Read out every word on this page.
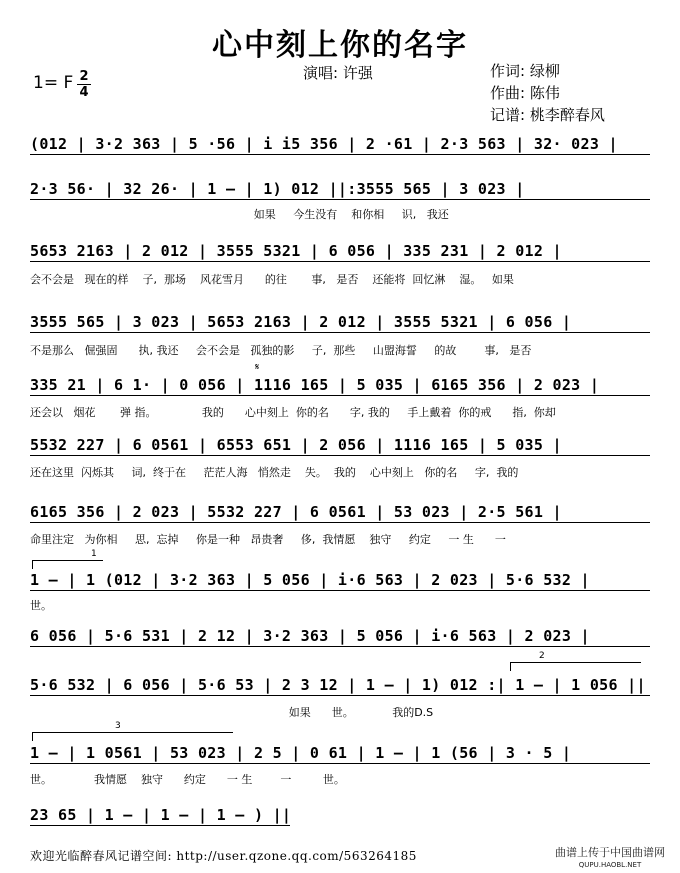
心中刻上你的名字
1= F 2
4
演唱: 许强	作词: 绿柳
作曲: 陈伟
记谱: 桃李醉春风
(012 | 3·2 363 | 5 ·56 | i i5 356 | 2 ·61 | 2·3 563 | 32· 023 |
2·3 56· | 32 26· | 1 – | 1) 012 ||:3555 565 | 3 023 |
如果     今生没有    和你相     识,   我还
5653 2163 | 2 012 | 3555 5321 | 6 056 | 335 231 | 2 012 |
会不会是   现在的样    子,  那场    风花雪月      的往       事,   是否    还能将  回忆淋    湿。   如果
3555 565 | 3 023 | 5653 2163 | 2 012 | 3555 5321 | 6 056 |
不是那么   倔强固      执, 我还     会不会是   孤独的影     子,  那些     山盟海誓     的故        事,   是否
𝄋
335 21 | 6 1· | 0 056 | 1116 165 | 5 035 | 6165 356 | 2 023 |
还会以   烟花       弹 指。             我的      心中刻上  你的名      字, 我的     手上戴着  你的戒      指,  你却
5532 227 | 6 0561 | 6553 651 | 2 056 | 1116 165 | 5 035 |
还在这里  闪烁其     词,  终于在     茫茫人海   悄然走    失。  我的    心中刻上   你的名     字,  我的
6165 356 | 2 023 | 5532 227 | 6 0561 | 53 023 | 2·5 561 |
命里注定   为你相     思,  忘掉     你是一种   昂贵奢     侈,  我情愿    独守     约定     一 生      一
1
1 – | 1 (012 | 3·2 363 | 5 056 | i·6 563 | 2 023 | 5·6 532 |
世。
6 056 | 5·6 531 | 2 12 | 3·2 363 | 5 056 | i·6 563 | 2 023 |
2
5·6 532 | 6 056 | 5·6 53 | 2 3 12 | 1 – | 1) 012 :| 1 – | 1 056 ||
如果      世。           我的D.S
3
1 – | 1 0561 | 53 023 | 2 5 | 0 61 | 1 – | 1 (56 | 3 · 5 |
世。            我情愿    独守      约定      一 生        一         世。
23 65 | 1 – | 1 – | 1 – ) ||
欢迎光临醉春风记谱空间: http://user.qzone.qq.com/563264185	曲谱上传于中国曲谱网
QUPU.HAOBL.NET
